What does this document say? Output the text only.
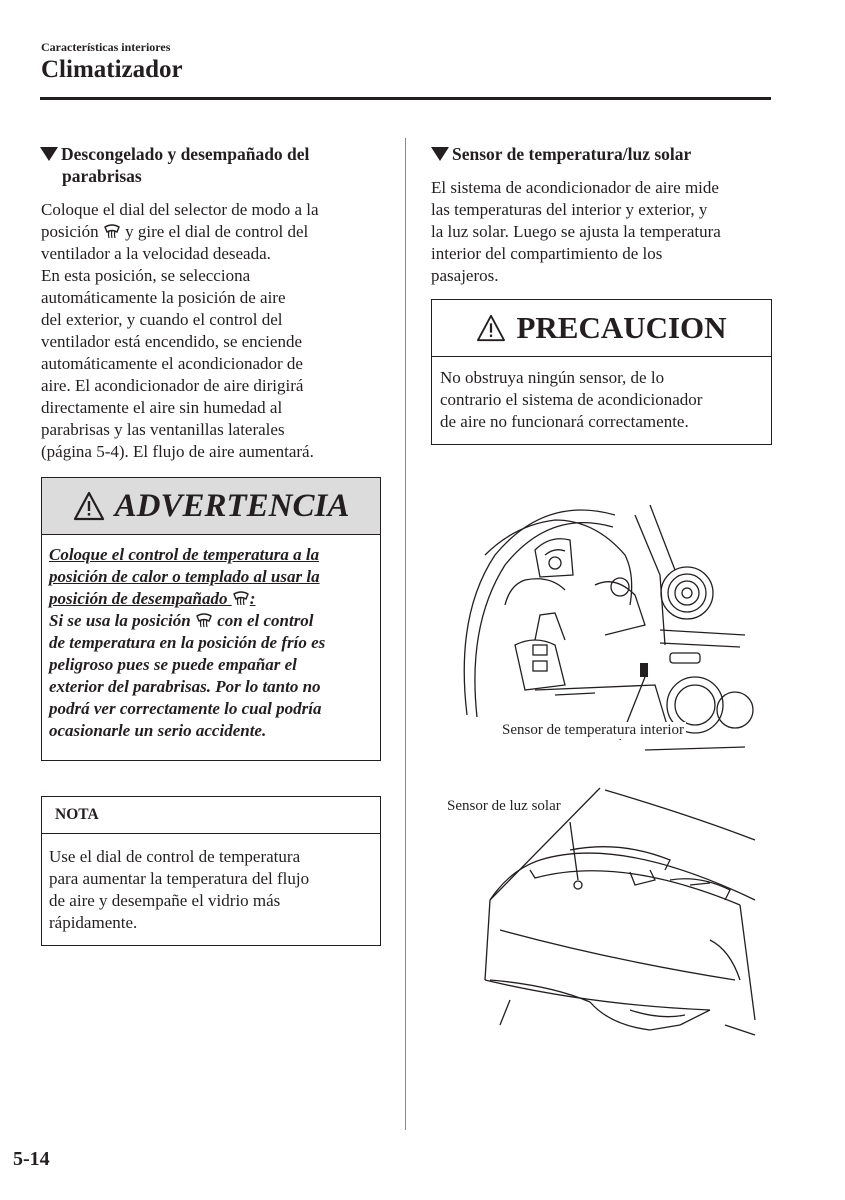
Características interiores
Climatizador
Descongelado y desempañado del
parabrisas
Coloque el dial del selector de modo a la
posición y gire el dial de control del
ventilador a la velocidad deseada.
En esta posición, se selecciona
automáticamente la posición de aire
del exterior, y cuando el control del
ventilador está encendido, se enciende
automáticamente el acondicionador de
aire. El acondicionador de aire dirigirá
directamente el aire sin humedad al
parabrisas y las ventanillas laterales
(página 5-4). El flujo de aire aumentará.
ADVERTENCIA
Coloque el control de temperatura a la
posición de calor o templado al usar la
posición de desempañado :
Si se usa la posición con el control
de temperatura en la posición de frío es
peligroso pues se puede empañar el
exterior del parabrisas. Por lo tanto no
podrá ver correctamente lo cual podría
ocasionarle un serio accidente.
NOTA
Use el dial de control de temperatura
para aumentar la temperatura del flujo
de aire y desempañe el vidrio más
rápidamente.
Sensor de temperatura/luz solar
El sistema de acondicionador de aire mide
las temperaturas del interior y exterior, y
la luz solar. Luego se ajusta la temperatura
interior del compartimiento de los
pasajeros.
PRECAUCION
No obstruya ningún sensor, de lo
contrario el sistema de acondicionador
de aire no funcionará correctamente.
Sensor de temperatura interior
Sensor de luz solar
5-14
